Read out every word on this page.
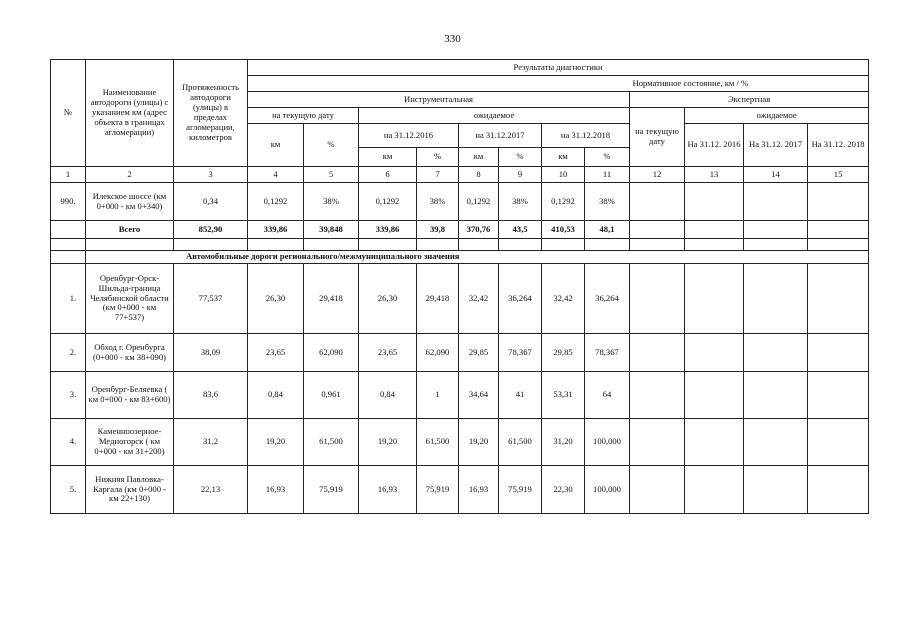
330
№	Наименование автодороги (улицы) с указанием км (адрес объекта в границах агломерации)	Протяженность автодороги (улицы) в пределах агломерации, километров	Результаты диагностики											
			Нормативное состояние, км / %											
			Инструментальная								Экспертная			
			на текущую дату		ожидаемое						на текущую дату	ожидаемое		
			км	%	на 31.12.2016		на 31.12.2017		на 31.12.2018			На 31.12. 2016	На 31.12. 2017	На 31.12. 2018
					км	%	км	%	км	%				
1	2	3	4	5	6	7	8	9	10	11	12	13	14	15
990.	Илекское шоссе (км 0+000 - км 0+340)	0,34	0,1292	38%	0,1292	38%	0,1292	38%	0,1292	38%				
	Всего	852,90	339,86	39,848	339,86	39,8	370,76	43,5	410,53	48,1				

	Автомобильные дороги регионального/межмуниципального значения													
1.	Оренбург-Орск-Шильда-граница Челябинской области (км 0+000 - км 77+537)	77,537	26,30	29,418	26,30	29,418	32,42	36,264	32,42	36,264				
2.	Обход г. Оренбурга (0+000 - км 38+090)	38,09	23,65	62,090	23,65	62,090	29,85	78,367	29,85	78,367				
3.	Оренбург-Беляевка ( км 0+000 - км 83+600)	83,6	0,84	0,961	0,84	1	34,64	41	53,31	64				
4.	Каменноозерное-Медногорск ( км 0+000 - км 31+200)	31,2	19,20	61,500	19,20	61,500	19,20	61,500	31,20	100,000				
5.	Нижняя Павловка- Каргала (км 0+000 - км 22+130)	22,13	16,93	75,919	16,93	75,919	16,93	75,919	22,30	100,000				
